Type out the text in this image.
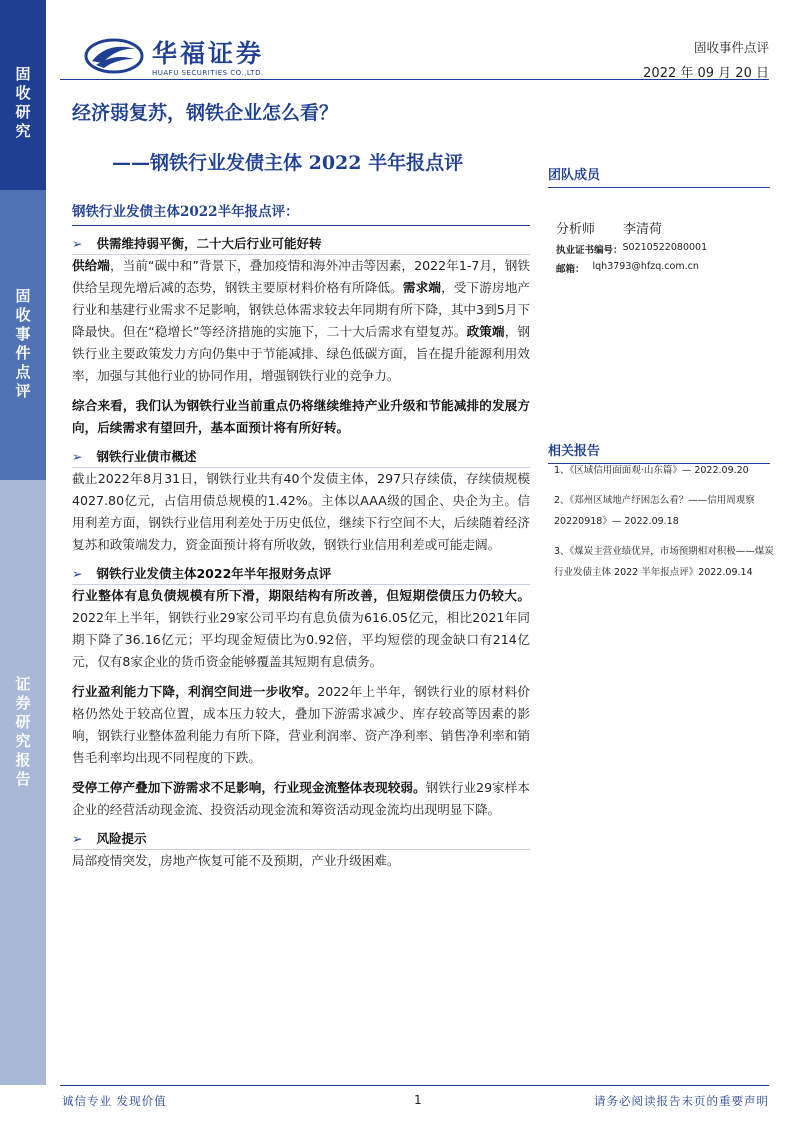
固收研究
固收事件点评
证券研究报告
华福证券
HUAFU SECURITIES CO.,LTD.
固收事件点评
2022 年 09 月 20 日
经济弱复苏，钢铁企业怎么看？
——钢铁行业发债主体 2022 半年报点评
团队成员
分析师 李清荷
执业证书编号： S0210522080001
邮箱： lqh3793@hfzq.com.cn
相关报告
1、《区域信用面面观·山东篇》— 2022.09.20
2、《郑州区域地产纾困怎么看？——信用周观察 20220918》— 2022.09.18
3、《煤炭主营业绩优异，市场预期相对积极——煤炭行业发债主体 2022 半年报点评》2022.09.14
钢铁行业发债主体2022半年报点评：
➢ 供需维持弱平衡，二十大后行业可能好转

供给端，当前“碳中和”背景下，叠加疫情和海外冲击等因素，2022年1-7月，钢铁供给呈现先增后减的态势，钢铁主要原材料价格有所降低。需求端，受下游房地产行业和基建行业需求不足影响，钢铁总体需求较去年同期有所下降，其中3到5月下降最快。但在“稳增长”等经济措施的实施下，二十大后需求有望复苏。政策端，钢铁行业主要政策发力方向仍集中于节能减排、绿色低碳方面，旨在提升能源利用效率，加强与其他行业的协同作用，增强钢铁行业的竞争力。

综合来看，我们认为钢铁行业当前重点仍将继续维持产业升级和节能减排的发展方向，后续需求有望回升，基本面预计将有所好转。

➢ 钢铁行业债市概述

截止2022年8月31日，钢铁行业共有40个发债主体，297只存续债，存续债规模4027.80亿元，占信用债总规模的1.42%。主体以AAA级的国企、央企为主。信用利差方面，钢铁行业信用利差处于历史低位，继续下行空间不大，后续随着经济复苏和政策端发力，资金面预计将有所收敛，钢铁行业信用利差或可能走阔。

➢ 钢铁行业发债主体2022年半年报财务点评

行业整体有息负债规模有所下滑，期限结构有所改善，但短期偿债压力仍较大。2022年上半年，钢铁行业29家公司平均有息负债为616.05亿元，相比2021年同期下降了36.16亿元；平均现金短债比为0.92倍，平均短偿的现金缺口有214亿元，仅有8家企业的货币资金能够覆盖其短期有息债务。

行业盈利能力下降，利润空间进一步收窄。2022年上半年，钢铁行业的原材料价格仍然处于较高位置，成本压力较大，叠加下游需求减少、库存较高等因素的影响，钢铁行业整体盈利能力有所下降，营业利润率、资产净利率、销售净利率和销售毛利率均出现不同程度的下跌。

受停工停产叠加下游需求不足影响，行业现金流整体表现较弱。钢铁行业29家样本企业的经营活动现金流、投资活动现金流和筹资活动现金流均出现明显下降。

➢ 风险提示

局部疫情突发，房地产恢复可能不及预期，产业升级困难。

诚信专业 发现价值	1	请务必阅读报告末页的重要声明
